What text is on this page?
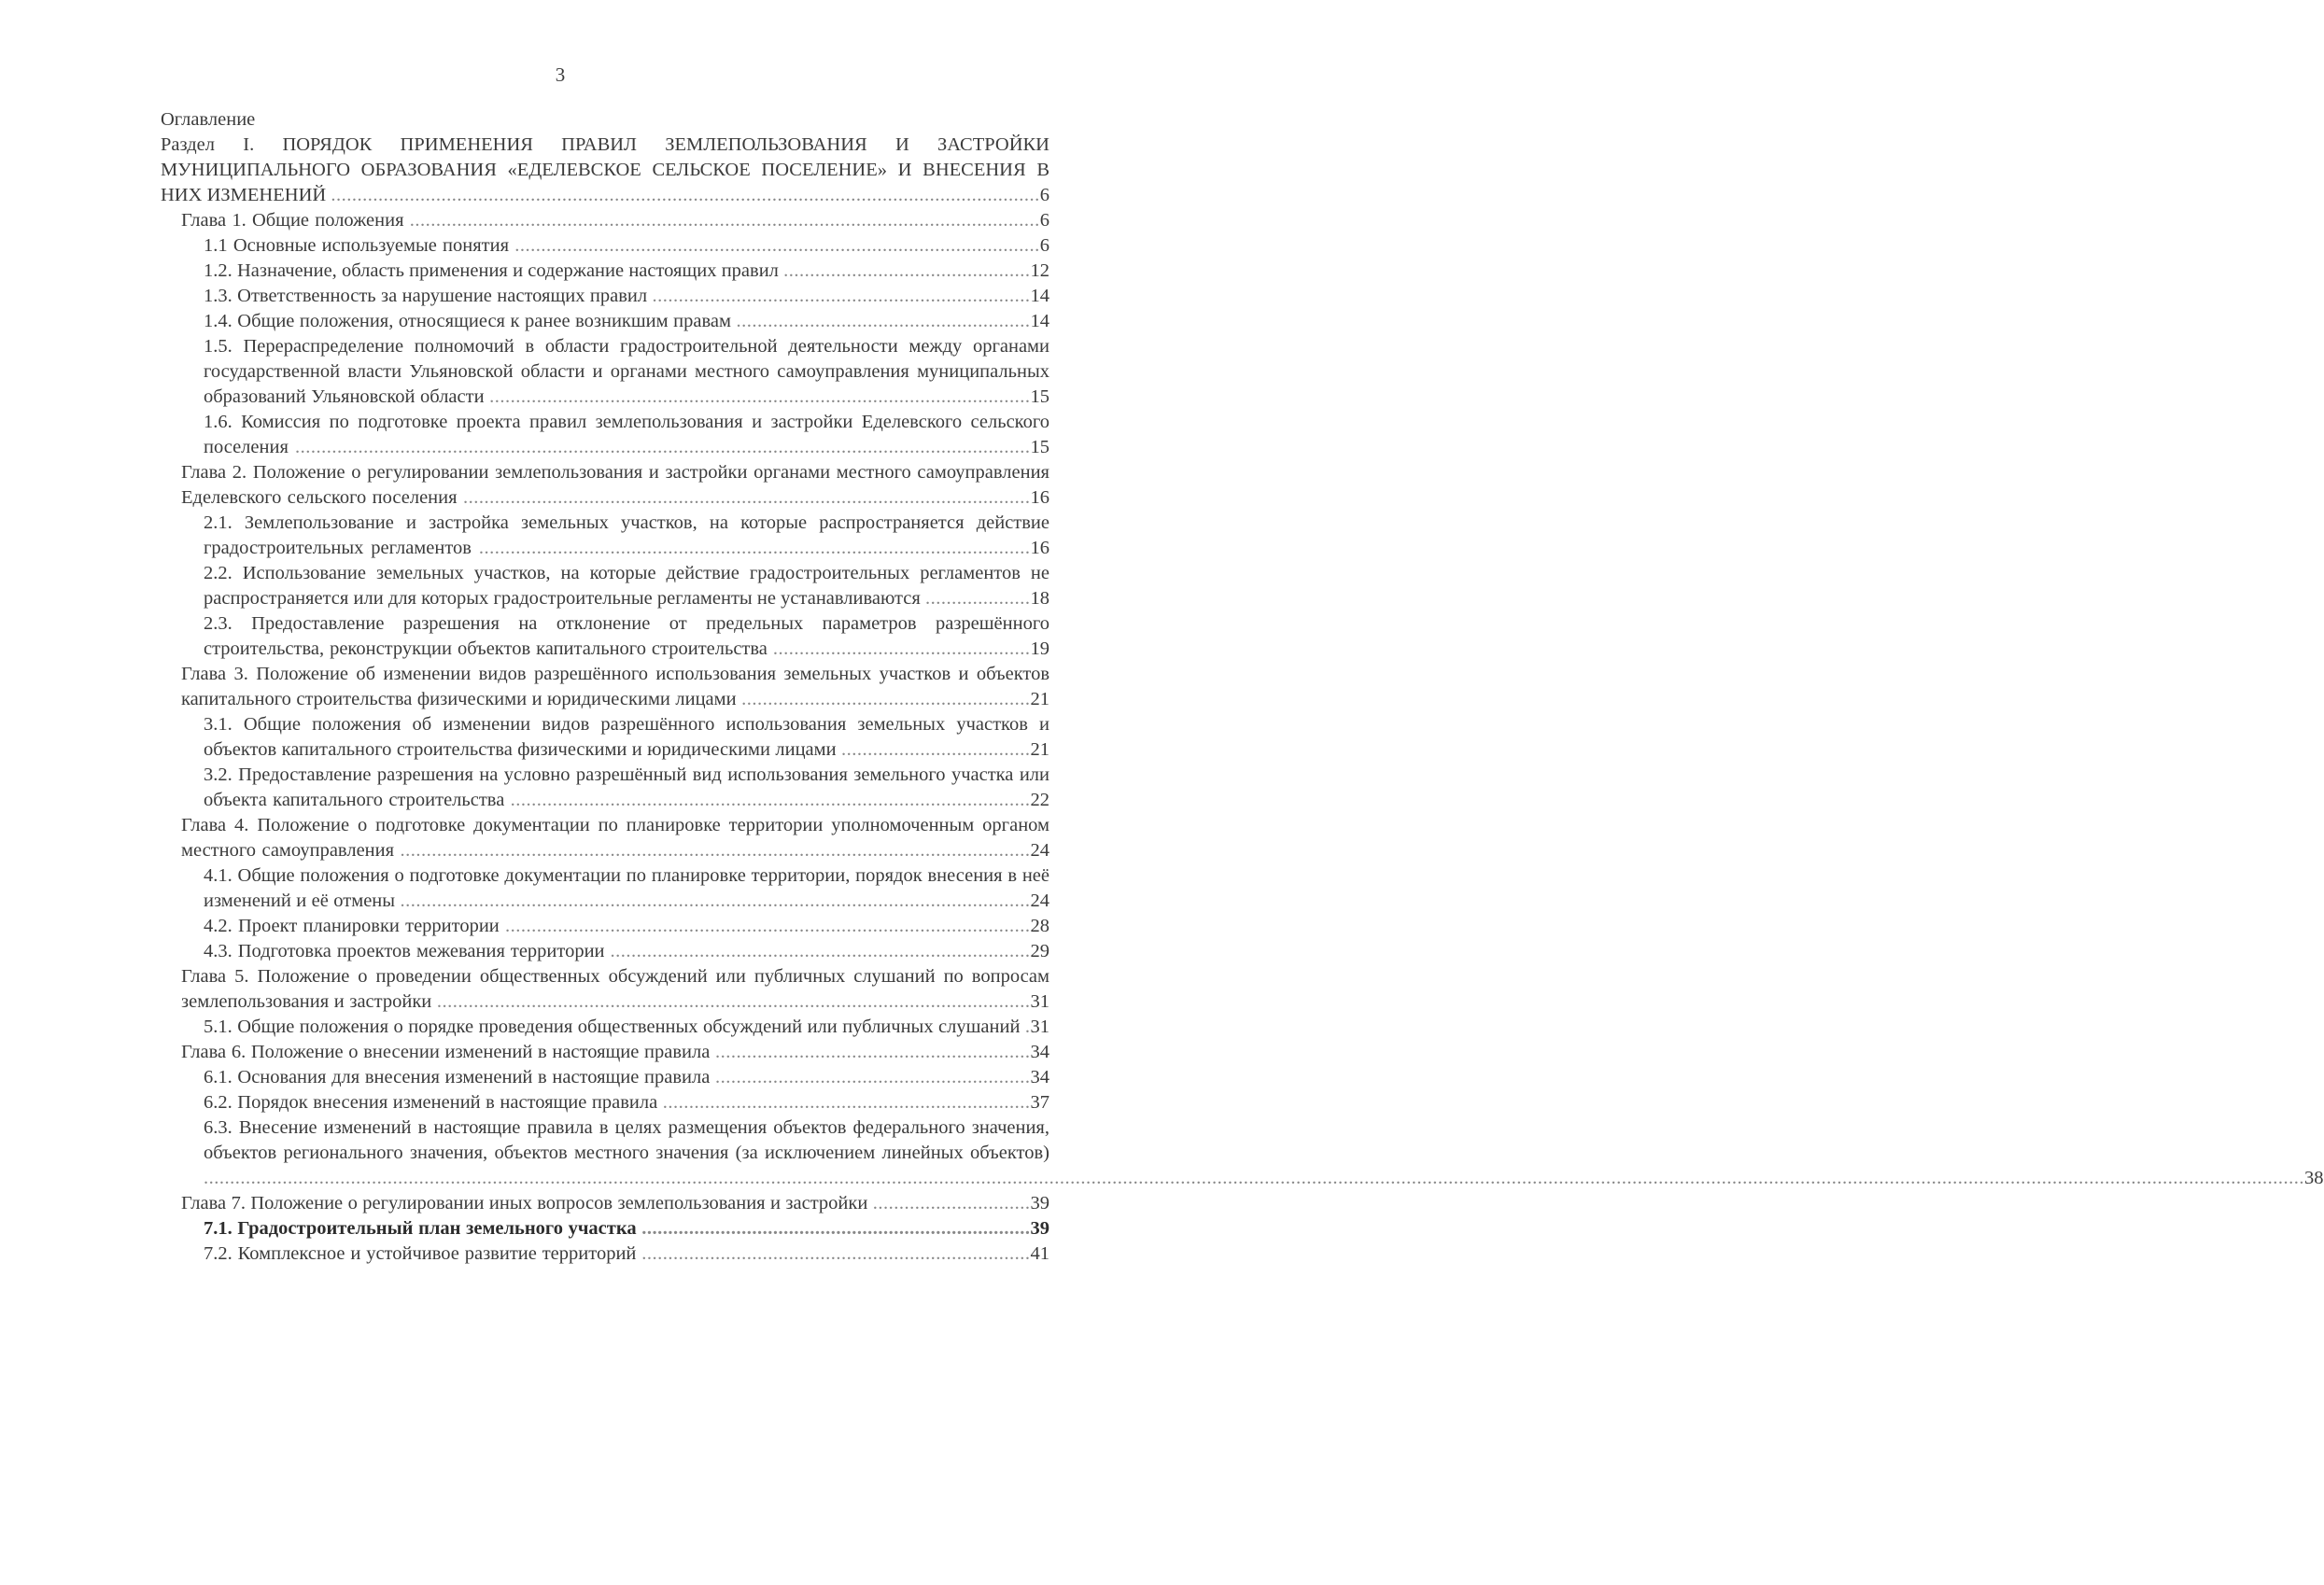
3
Оглавление
Раздел I. ПОРЯДОК ПРИМЕНЕНИЯ ПРАВИЛ ЗЕМЛЕПОЛЬЗОВАНИЯ И ЗАСТРОЙКИ МУНИЦИПАЛЬНОГО ОБРАЗОВАНИЯ «ЕДЕЛЕВСКОЕ СЕЛЬСКОЕ ПОСЕЛЕНИЕ» И ВНЕСЕНИЯ В НИХ ИЗМЕНЕНИЙ .......................................................................................................................................6
Глава 1. Общие положения ........................................................................................................................6
1.1 Основные используемые понятия ....................................................................................................6
1.2. Назначение, область применения и содержание настоящих правил ...............................................12
1.3. Ответственность за нарушение настоящих правил ........................................................................14
1.4. Общие положения, относящиеся к ранее возникшим правам ........................................................14
1.5. Перераспределение полномочий в области градостроительной деятельности между органами государственной власти Ульяновской области и органами местного самоуправления муниципальных образований Ульяновской области .......................................................................................................15
1.6. Комиссия по подготовке проекта правил землепользования и застройки Еделевского сельского поселения ............................................................................................................................................15
Глава 2. Положение о регулировании землепользования и застройки органами местного самоуправления Еделевского сельского поселения ............................................................................................................16
2.1. Землепользование и застройка земельных участков, на которые распространяется действие градостроительных регламентов .........................................................................................................16
2.2. Использование земельных участков, на которые действие градостроительных регламентов не распространяется или для которых градостроительные регламенты не устанавливаются ....................18
2.3. Предоставление разрешения на отклонение от предельных параметров разрешённого строительства, реконструкции объектов капитального строительства .................................................19
Глава 3. Положение об изменении видов разрешённого использования земельных участков и объектов капитального строительства физическими и юридическими лицами .......................................................21
3.1. Общие положения об изменении видов разрешённого использования земельных участков и объектов капитального строительства физическими и юридическими лицами ....................................21
3.2. Предоставление разрешения на условно разрешённый вид использования земельного участка или объекта капитального строительства ...................................................................................................22
Глава 4. Положение о подготовке документации по планировке территории уполномоченным органом местного самоуправления ........................................................................................................................24
4.1. Общие положения о подготовке документации по планировке территории, порядок внесения в неё изменений и её отмены ........................................................................................................................24
4.2. Проект планировки территории ....................................................................................................28
4.3. Подготовка проектов межевания территории ................................................................................29
Глава 5. Положение о проведении общественных обсуждений или публичных слушаний по вопросам землепользования и застройки .................................................................................................................31
5.1. Общие положения о порядке проведения общественных обсуждений или публичных слушаний .31
Глава 6. Положение о внесении изменений в настоящие правила ............................................................34
6.1. Основания для внесения изменений в настоящие правила ............................................................34
6.2. Порядок внесения изменений в настоящие правила ......................................................................37
6.3. Внесение изменений в настоящие правила в целях размещения объектов федерального значения, объектов регионального значения, объектов местного значения (за исключением линейных объектов) ................................................................................................................................................................................................................................................................................................................................................................................................................38
Глава 7. Положение о регулировании иных вопросов землепользования и застройки ..............................39
7.1. Градостроительный план земельного участка ..........................................................................39
7.2. Комплексное и устойчивое развитие территорий ..........................................................................41
